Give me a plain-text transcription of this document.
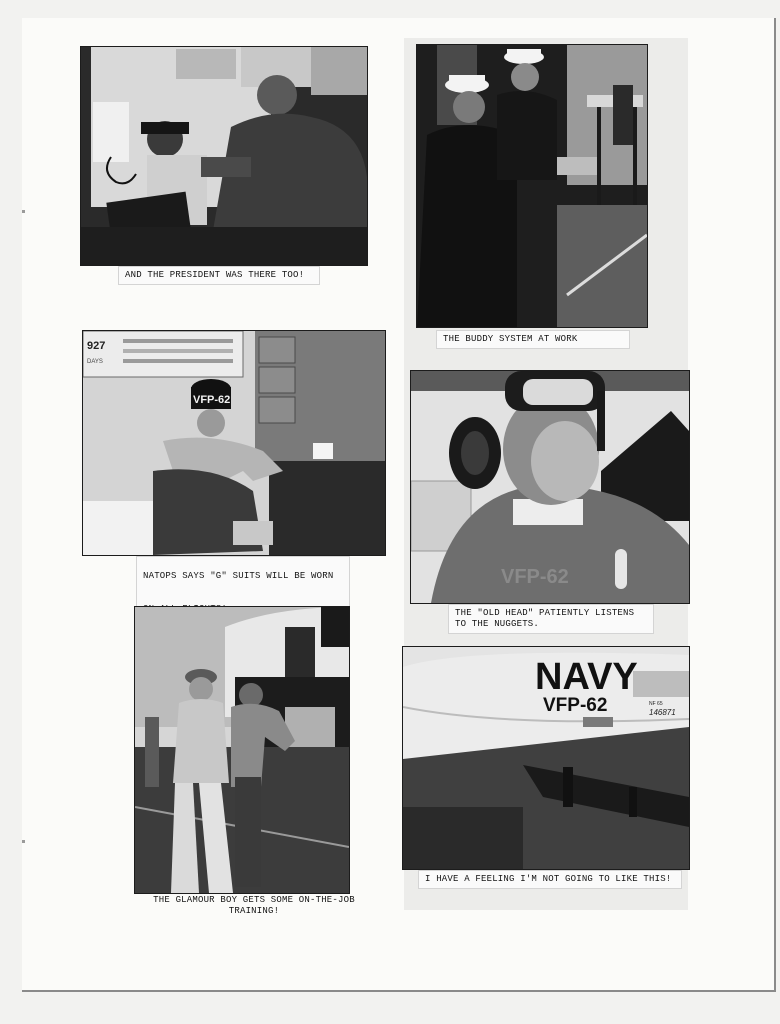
AND THE PRESIDENT WAS THERE TOO!
THE BUDDY SYSTEM AT WORK
927
DAYS
VFP-62

NATOPS SAYS "G" SUITS WILL BE WORN	VFP-62
THE "OLD HEAD" PATIENTLY LISTENS
TO THE NUGGETS.
THE GLAMOUR BOY GETS SOME ON-THE-JOB
TRAINING!
NAVY
VFP-62	NF 65
146871
I HAVE A FEELING I'M NOT GOING TO LIKE THIS!
